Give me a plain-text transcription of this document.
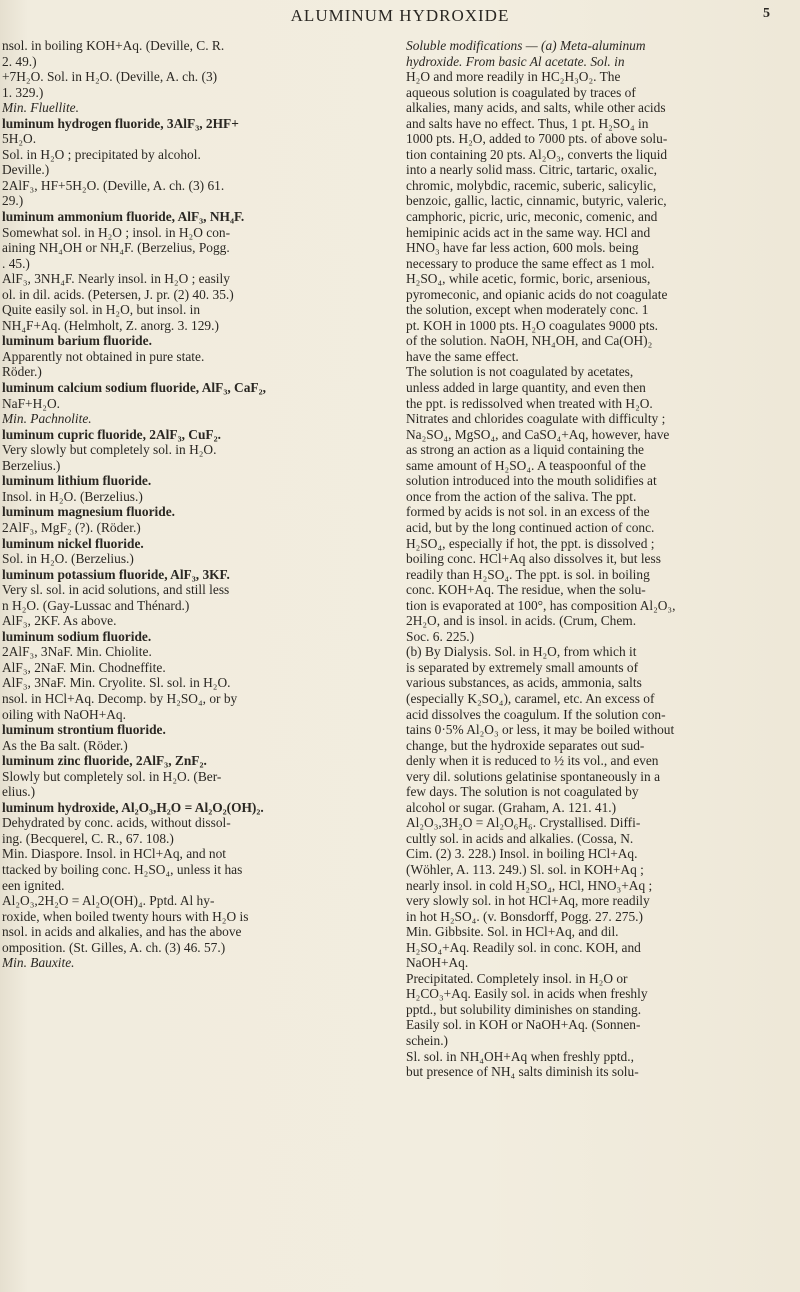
ALUMINUM HYDROXIDE	5
nsol. in boiling KOH+Aq. (Deville, C. R.
2. 49.)
+7H₂O. Sol. in H₂O. (Deville, A. ch. (3)
1. 329.)
Min. Fluellite.
luminum hydrogen fluoride, 3AlF₃, 2HF+
5H₂O.
Sol. in H₂O ; precipitated by alcohol.
Deville.)
2AlF₃, HF+5H₂O. (Deville, A. ch. (3) 61.
29.)
luminum ammonium fluoride, AlF₃, NH₄F.
Somewhat sol. in H₂O ; insol. in H₂O con-
aining NH₄OH or NH₄F. (Berzelius, Pogg.
. 45.)
AlF₃, 3NH₄F. Nearly insol. in H₂O ; easily
ol. in dil. acids. (Petersen, J. pr. (2) 40. 35.)
Quite easily sol. in H₂O, but insol. in
NH₄F+Aq. (Helmholt, Z. anorg. 3. 129.)
luminum barium fluoride.
Apparently not obtained in pure state.
Röder.)
luminum calcium sodium fluoride, AlF₃, CaF₂,
NaF+H₂O.
Min. Pachnolite.
luminum cupric fluoride, 2AlF₃, CuF₂.
Very slowly but completely sol. in H₂O.
Berzelius.)
luminum lithium fluoride.
Insol. in H₂O. (Berzelius.)
luminum magnesium fluoride.
2AlF₃, MgF₂ (?). (Röder.)
luminum nickel fluoride.
Sol. in H₂O. (Berzelius.)
luminum potassium fluoride, AlF₃, 3KF.
Very sl. sol. in acid solutions, and still less
n H₂O. (Gay-Lussac and Thénard.)
AlF₃, 2KF. As above.
luminum sodium fluoride.
2AlF₃, 3NaF. Min. Chiolite.
AlF₃, 2NaF. Min. Chodneffite.
AlF₃, 3NaF. Min. Cryolite. Sl. sol. in H₂O.
nsol. in HCl+Aq. Decomp. by H₂SO₄, or by
oiling with NaOH+Aq.
luminum strontium fluoride.
As the Ba salt. (Röder.)
luminum zinc fluoride, 2AlF₃, ZnF₂.
Slowly but completely sol. in H₂O. (Ber-
elius.)
luminum hydroxide, Al₂O₃,H₂O = Al₂O₂(OH)₂.
Dehydrated by conc. acids, without dissol-
ing. (Becquerel, C. R., 67. 108.)
Min. Diaspore. Insol. in HCl+Aq, and not
ttacked by boiling conc. H₂SO₄, unless it has
een ignited.
Al₂O₃,2H₂O = Al₂O(OH)₄. Pptd. Al hy-
roxide, when boiled twenty hours with H₂O is
nsol. in acids and alkalies, and has the above
omposition. (St. Gilles, A. ch. (3) 46. 57.)
Min. Bauxite.
Soluble modifications — (a) Meta-aluminum
hydroxide. From basic Al acetate. Sol. in
H₂O and more readily in HC₂H₃O₂. The
aqueous solution is coagulated by traces of
alkalies, many acids, and salts, while other acids
and salts have no effect. Thus, 1 pt. H₂SO₄ in
1000 pts. H₂O, added to 7000 pts. of above solu-
tion containing 20 pts. Al₂O₃, converts the liquid
into a nearly solid mass. Citric, tartaric, oxalic,
chromic, molybdic, racemic, suberic, salicylic,
benzoic, gallic, lactic, cinnamic, butyric, valeric,
camphoric, picric, uric, meconic, comenic, and
hemipinic acids act in the same way. HCl and
HNO₃ have far less action, 600 mols. being
necessary to produce the same effect as 1 mol.
H₂SO₄, while acetic, formic, boric, arsenious,
pyromeconic, and opianic acids do not coagulate
the solution, except when moderately conc. 1
pt. KOH in 1000 pts. H₂O coagulates 9000 pts.
of the solution. NaOH, NH₄OH, and Ca(OH)₂
have the same effect.
The solution is not coagulated by acetates,
unless added in large quantity, and even then
the ppt. is redissolved when treated with H₂O.
Nitrates and chlorides coagulate with difficulty ;
Na₂SO₄, MgSO₄, and CaSO₄+Aq, however, have
as strong an action as a liquid containing the
same amount of H₂SO₄. A teaspoonful of the
solution introduced into the mouth solidifies at
once from the action of the saliva. The ppt.
formed by acids is not sol. in an excess of the
acid, but by the long continued action of conc.
H₂SO₄, especially if hot, the ppt. is dissolved ;
boiling conc. HCl+Aq also dissolves it, but less
readily than H₂SO₄. The ppt. is sol. in boiling
conc. KOH+Aq. The residue, when the solu-
tion is evaporated at 100°, has composition Al₂O₃,
2H₂O, and is insol. in acids. (Crum, Chem.
Soc. 6. 225.)
(b) By Dialysis. Sol. in H₂O, from which it
is separated by extremely small amounts of
various substances, as acids, ammonia, salts
(especially K₂SO₄), caramel, etc. An excess of
acid dissolves the coagulum. If the solution con-
tains 0·5% Al₂O₃ or less, it may be boiled without
change, but the hydroxide separates out sud-
denly when it is reduced to ½ its vol., and even
very dil. solutions gelatinise spontaneously in a
few days. The solution is not coagulated by
alcohol or sugar. (Graham, A. 121. 41.)
Al₂O₃,3H₂O = Al₂O₆H₆. Crystallised. Diffi-
cultly sol. in acids and alkalies. (Cossa, N.
Cim. (2) 3. 228.) Insol. in boiling HCl+Aq.
(Wöhler, A. 113. 249.) Sl. sol. in KOH+Aq ;
nearly insol. in cold H₂SO₄, HCl, HNO₃+Aq ;
very slowly sol. in hot HCl+Aq, more readily
in hot H₂SO₄. (v. Bonsdorff, Pogg. 27. 275.)
Min. Gibbsite. Sol. in HCl+Aq, and dil.
H₂SO₄+Aq. Readily sol. in conc. KOH, and
NaOH+Aq.
Precipitated. Completely insol. in H₂O or
H₂CO₃+Aq. Easily sol. in acids when freshly
pptd., but solubility diminishes on standing.
Easily sol. in KOH or NaOH+Aq. (Sonnen-
schein.)
Sl. sol. in NH₄OH+Aq when freshly pptd.,
but presence of NH₄ salts diminish its solu-
